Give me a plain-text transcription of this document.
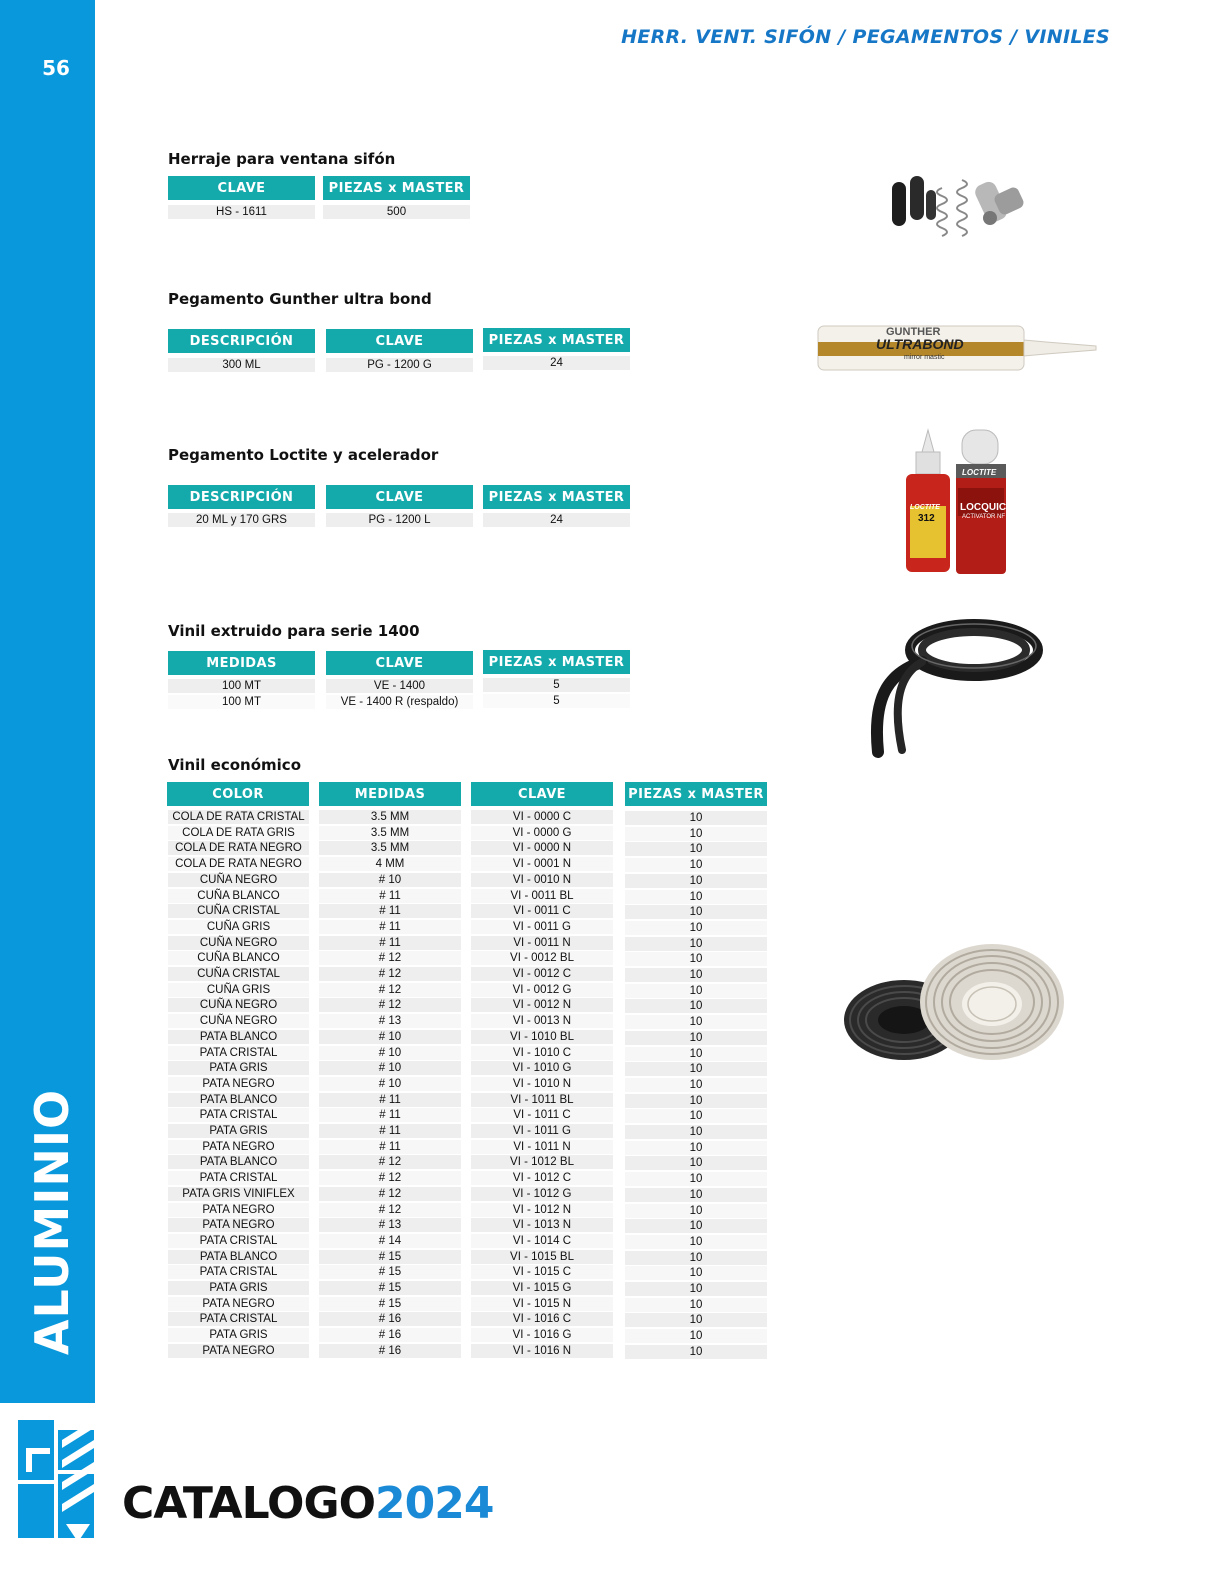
56
ALUMINIO
HERR. VENT. SIFÓN / PEGAMENTOS / VINILES
Herraje para ventana sifón
CLAVE	PIEZAS x MASTER
HS - 1611	500
Pegamento Gunther ultra bond
DESCRIPCIÓN	CLAVE	PIEZAS x MASTER
300 ML	PG - 1200 G	24
GUNTHER
ULTRABOND
mirror mastic
Pegamento Loctite y acelerador
DESCRIPCIÓN	CLAVE	PIEZAS x MASTER
20 ML y 170 GRS	PG - 1200 L	24
LOCTITE
312
LOCTITE
LOCQUIC
ACTIVATOR NF
Vinil extruido para serie 1400
MEDIDAS	CLAVE	PIEZAS x MASTER
100 MT	VE - 1400	5
100 MT	VE - 1400 R (respaldo)	5
Vinil económico
COLOR	MEDIDAS	CLAVE	PIEZAS x MASTER
COLA DE RATA CRISTAL	3.5 MM	VI - 0000 C	10
COLA DE RATA GRIS	3.5 MM	VI - 0000 G	10
COLA DE RATA NEGRO	3.5 MM	VI - 0000 N	10
COLA DE RATA NEGRO	4 MM	VI - 0001 N	10
CUÑA NEGRO	# 10	VI - 0010 N	10
CUÑA BLANCO	# 11	VI - 0011 BL	10
CUÑA CRISTAL	# 11	VI - 0011 C	10
CUÑA GRIS	# 11	VI - 0011 G	10
CUÑA NEGRO	# 11	VI - 0011 N	10
CUÑA BLANCO	# 12	VI - 0012 BL	10
CUÑA CRISTAL	# 12	VI - 0012 C	10
CUÑA GRIS	# 12	VI - 0012 G	10
CUÑA NEGRO	# 12	VI - 0012 N	10
CUÑA NEGRO	# 13	VI - 0013 N	10
PATA BLANCO	# 10	VI - 1010 BL	10
PATA CRISTAL	# 10	VI - 1010 C	10
PATA GRIS	# 10	VI - 1010 G	10
PATA NEGRO	# 10	VI - 1010 N	10
PATA BLANCO	# 11	VI - 1011 BL	10
PATA CRISTAL	# 11	VI - 1011 C	10
PATA GRIS	# 11	VI - 1011 G	10
PATA NEGRO	# 11	VI - 1011 N	10
PATA BLANCO	# 12	VI - 1012 BL	10
PATA CRISTAL	# 12	VI - 1012 C	10
PATA GRIS VINIFLEX	# 12	VI - 1012 G	10
PATA NEGRO	# 12	VI - 1012 N	10
PATA NEGRO	# 13	VI - 1013 N	10
PATA CRISTAL	# 14	VI - 1014 C	10
PATA BLANCO	# 15	VI - 1015 BL	10
PATA CRISTAL	# 15	VI - 1015 C	10
PATA GRIS	# 15	VI - 1015 G	10
PATA NEGRO	# 15	VI - 1015 N	10
PATA CRISTAL	# 16	VI - 1016 C	10
PATA GRIS	# 16	VI - 1016 G	10
PATA NEGRO	# 16	VI - 1016 N	10
CATALOGO2024
